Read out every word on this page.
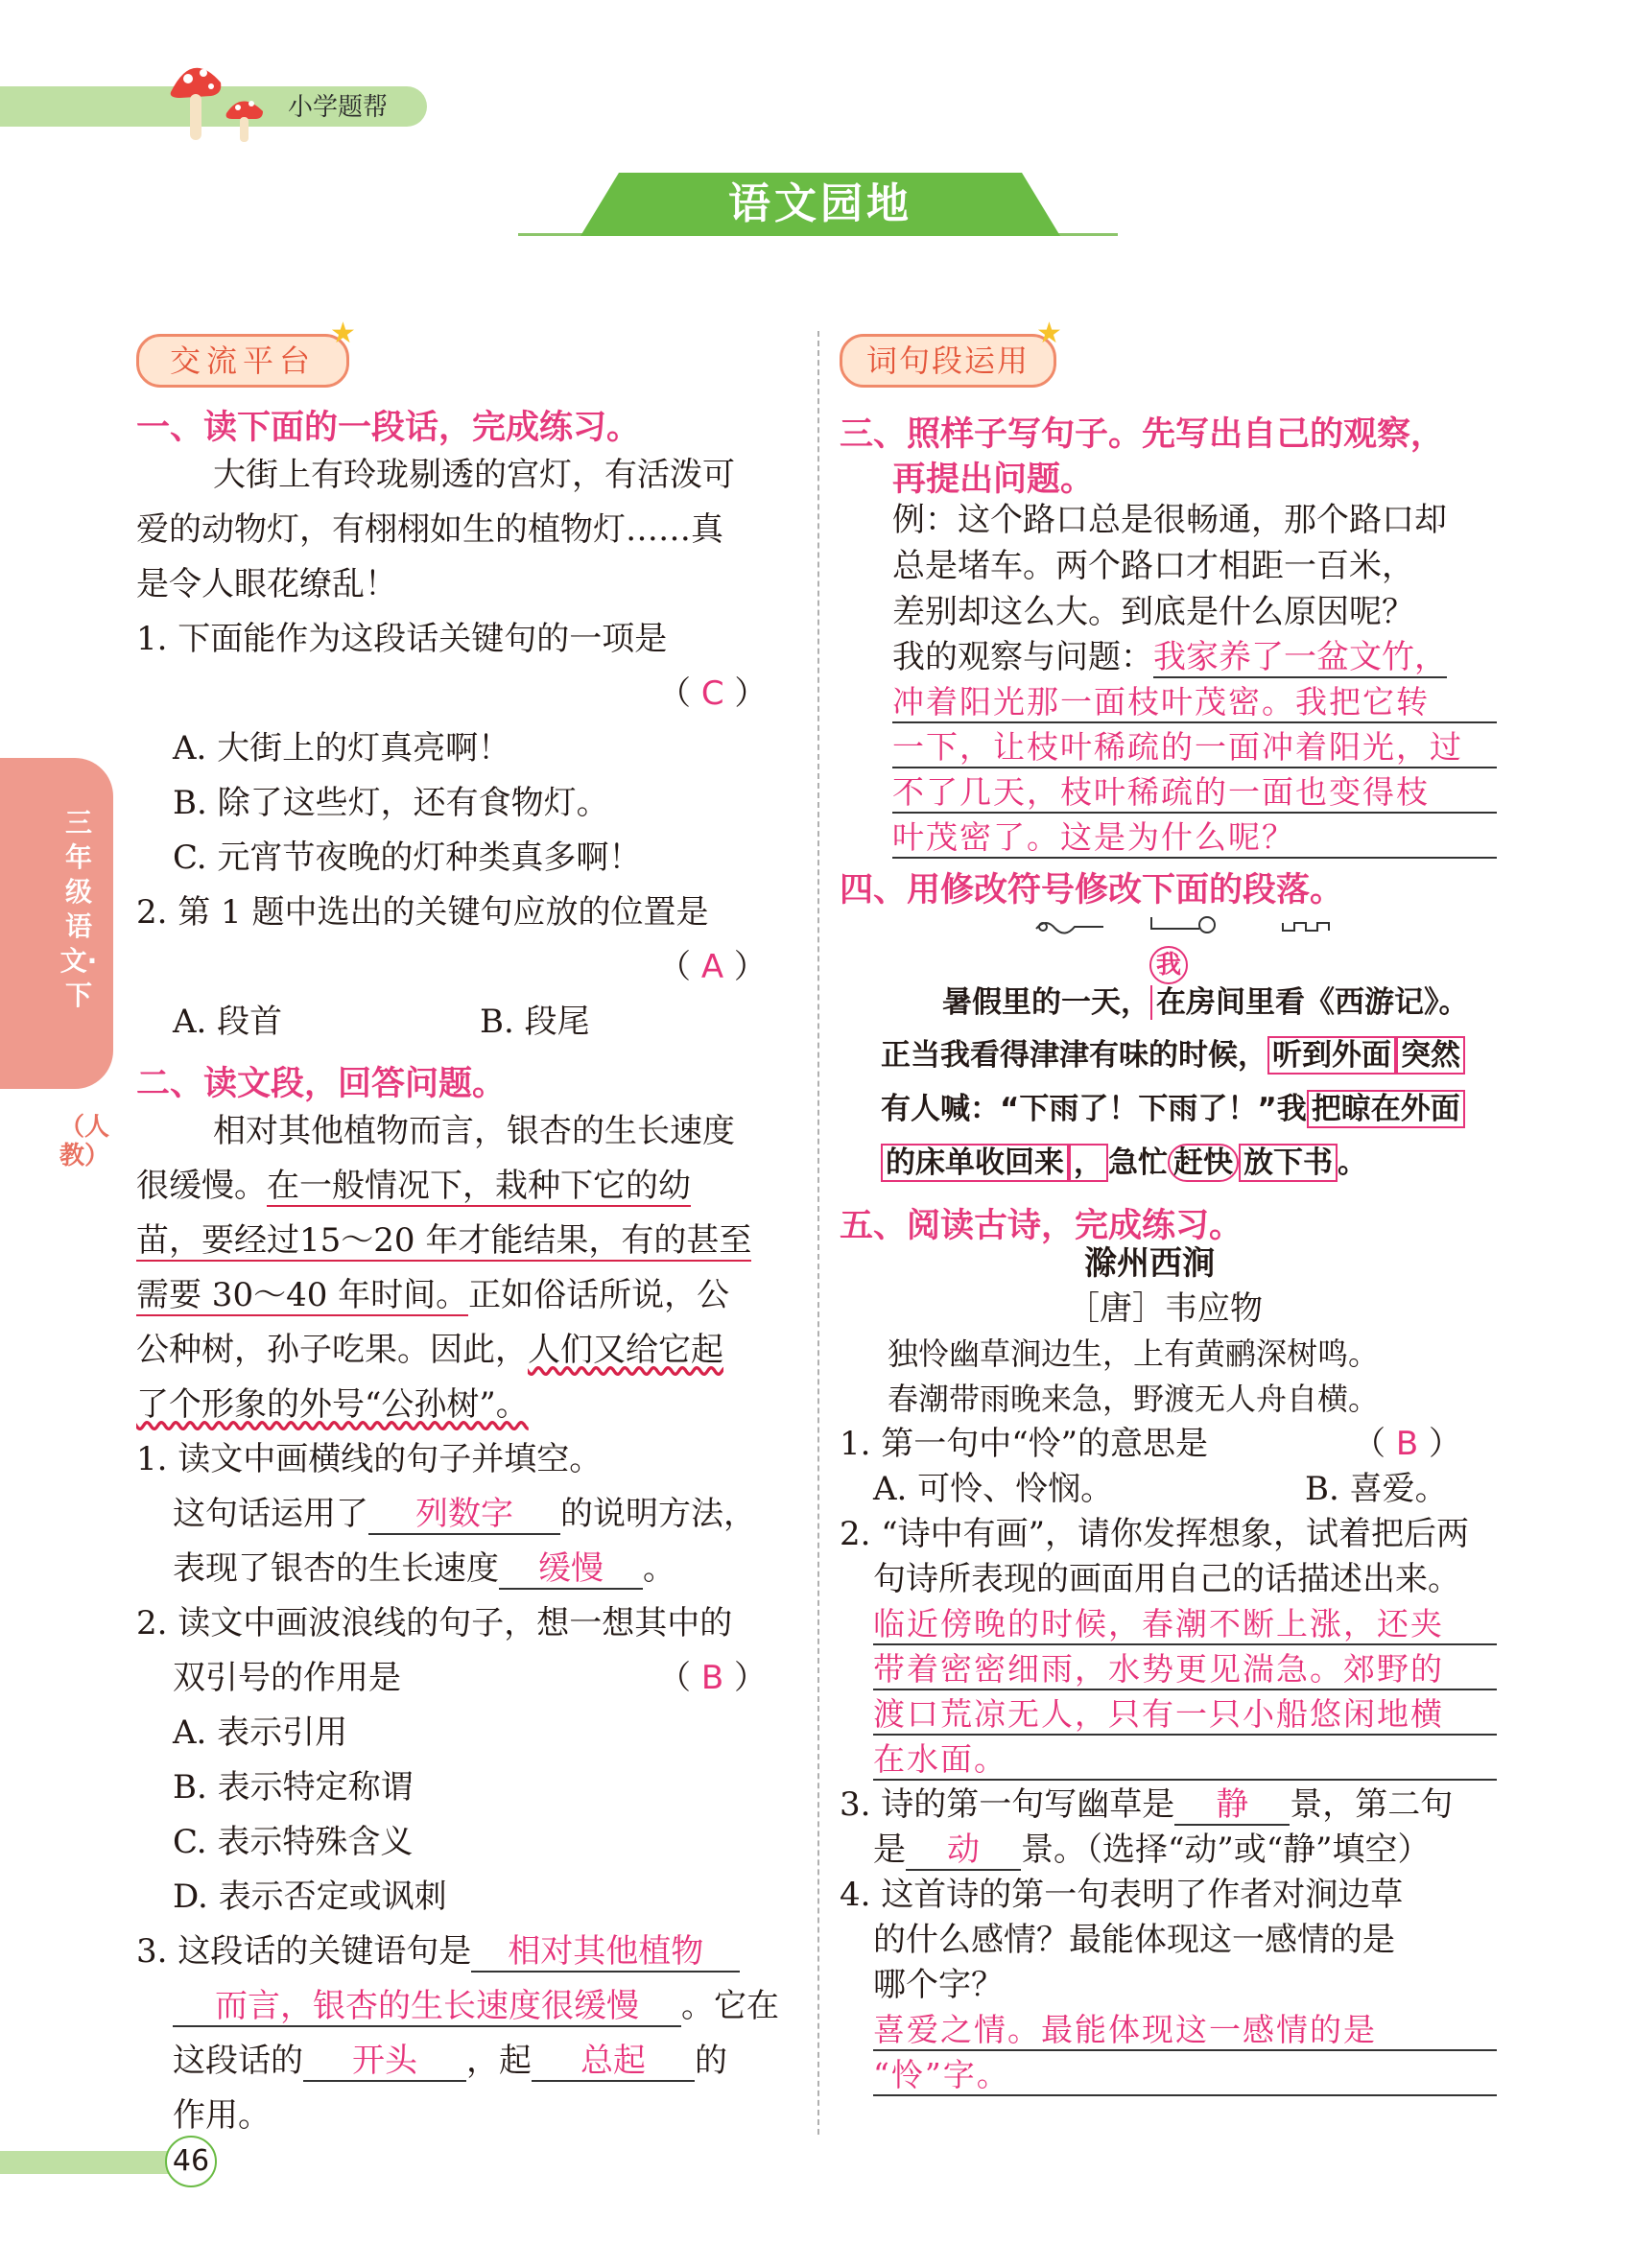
小学题帮
语文园地
三年级语文·下
（人教）
交流平台
★
一、读下面的一段话，完成练习。
大街上有玲珑剔透的宫灯，有活泼可
爱的动物灯，有栩栩如生的植物灯……真
是令人眼花缭乱！
1. 下面能作为这段话关键句的一项是
（ C ）
A. 大街上的灯真亮啊！
B. 除了这些灯，还有食物灯。
C. 元宵节夜晚的灯种类真多啊！
2. 第 1 题中选出的关键句应放的位置是
（ A ）
A. 段首	B. 段尾
二、读文段，回答问题。
相对其他植物而言，银杏的生长速度
很缓慢。在一般情况下，栽种下它的幼
苗，要经过15～20 年才能结果，有的甚至
需要 30～40 年时间。正如俗话所说，公
公种树，孙子吃果。因此，人们又给它起
了个形象的外号“公孙树”。
1. 读文中画横线的句子并填空。
这句话运用了 列数字 的说明方法，
表现了银杏的生长速度 缓慢 。
2. 读文中画波浪线的句子，想一想其中的
双引号的作用是	（ B ）
A. 表示引用
B. 表示特定称谓
C. 表示特殊含义
D. 表示否定或讽刺
3. 这段话的关键语句是 相对其他植物
而言，银杏的生长速度很缓慢 。它在
这段话的 开头 ，起 总起 的
作用。
词句段运用
★
三、照样子写句子。先写出自己的观察，
再提出问题。
例：这个路口总是很畅通，那个路口却
总是堵车。两个路口才相距一百米，
差别却这么大。到底是什么原因呢？
我的观察与问题：我家养了一盆文竹，
冲着阳光那一面枝叶茂密。我把它转
一下，让枝叶稀疏的一面冲着阳光，过
不了几天，枝叶稀疏的一面也变得枝
叶茂密了。这是为什么呢？
四、用修改符号修改下面的段落。
我
暑假里的一天， 在房间里看《西游记》。
正当我看得津津有味的时候， 听到外面 突然
有人喊：“下雨了！下雨了！”我 把晾在外面
的床单收回来 ， 急忙 赶快 放下书 。
五、阅读古诗，完成练习。
滁州西涧
［唐］韦应物
独怜幽草涧边生，上有黄鹂深树鸣。
春潮带雨晚来急，野渡无人舟自横。
1. 第一句中“怜”的意思是	（ B ）
A. 可怜、怜悯。	B. 喜爱。
2. “诗中有画”，请你发挥想象，试着把后两
句诗所表现的画面用自己的话描述出来。
临近傍晚的时候，春潮不断上涨，还夹
带着密密细雨，水势更见湍急。郊野的
渡口荒凉无人，只有一只小船悠闲地横
在水面。
3. 诗的第一句写幽草是 静 景，第二句
是 动 景。（选择“动”或“静”填空）
4. 这首诗的第一句表明了作者对涧边草
的什么感情？最能体现这一感情的是
哪个字？
喜爱之情。最能体现这一感情的是
“怜”字。
46
